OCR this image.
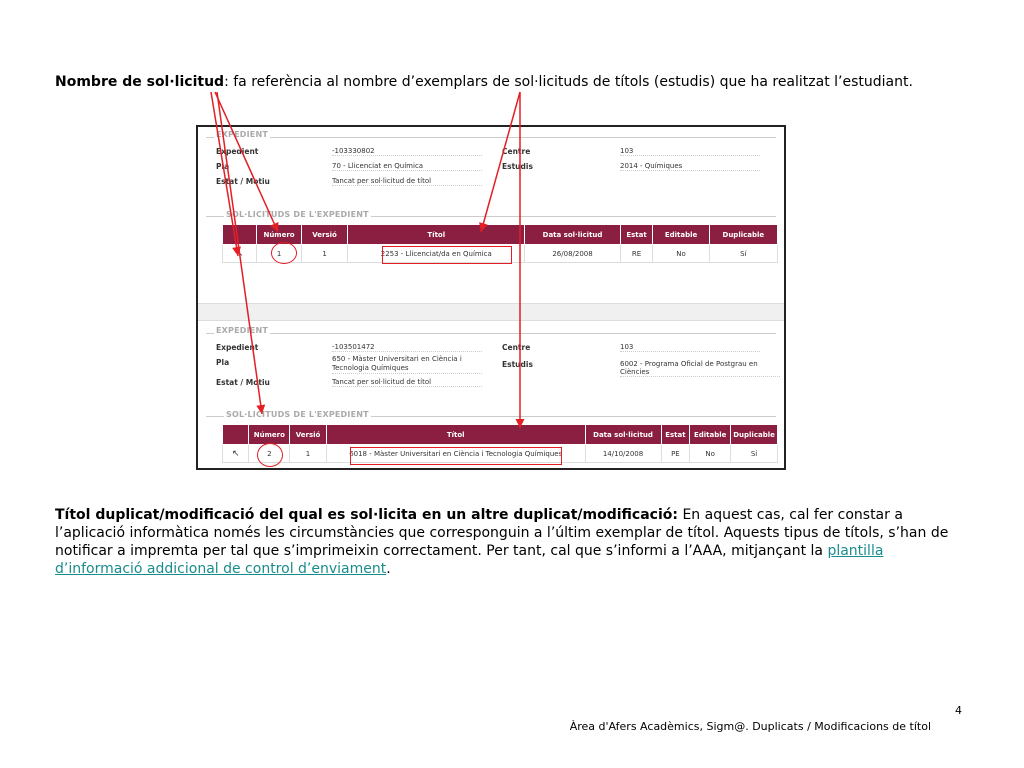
Nombre de sol·licitud: fa referència al nombre d’exemplars de sol·licituds de títols (estudis) que ha realitzat l’estudiant.
EXPEDIENT
Expedient	-103330802	Centre	103
Pla	70 - Llicenciat en Química	Estudis	2014 - Químiques
Estat / Motiu	Tancat per sol·licitud de títol
SOL·LICITUDS DE L'EXPEDIENT
	Número	Versió	Títol	Data sol·licitud	Estat	Editable	Duplicable
↖	1	1	2253 - Llicenciat/da en Química	26/08/2008	RE	No	Sí
EXPEDIENT
Expedient	-103501472	Centre	103
Pla	650 - Màster Universitari en Ciència i Tecnologia Químiques	Estudis	6002 - Programa Oficial de Postgrau en Ciències
Estat / Motiu	Tancat per sol·licitud de títol
SOL·LICITUDS DE L'EXPEDIENT
	Número	Versió	Títol	Data sol·licitud	Estat	Editable	Duplicable
↖	2	1	6018 - Màster Universitari en Ciència i Tecnologia Químiques	14/10/2008	PE	No	Sí
Títol duplicat/modificació del qual es sol·licita en un altre duplicat/modificació: En aquest cas, cal fer constar a l’aplicació informàtica només les circumstàncies que corresponguin a l’últim exemplar de títol. Aquests tipus de títols, s’han de notificar a impremta per tal que s’imprimeixin correctament. Per tant, cal que s’informi a l’AAA, mitjançant la plantilla d’informació addicional de control d’enviament.
4
Àrea d'Afers Acadèmics, Sigm@. Duplicats / Modificacions de títol
